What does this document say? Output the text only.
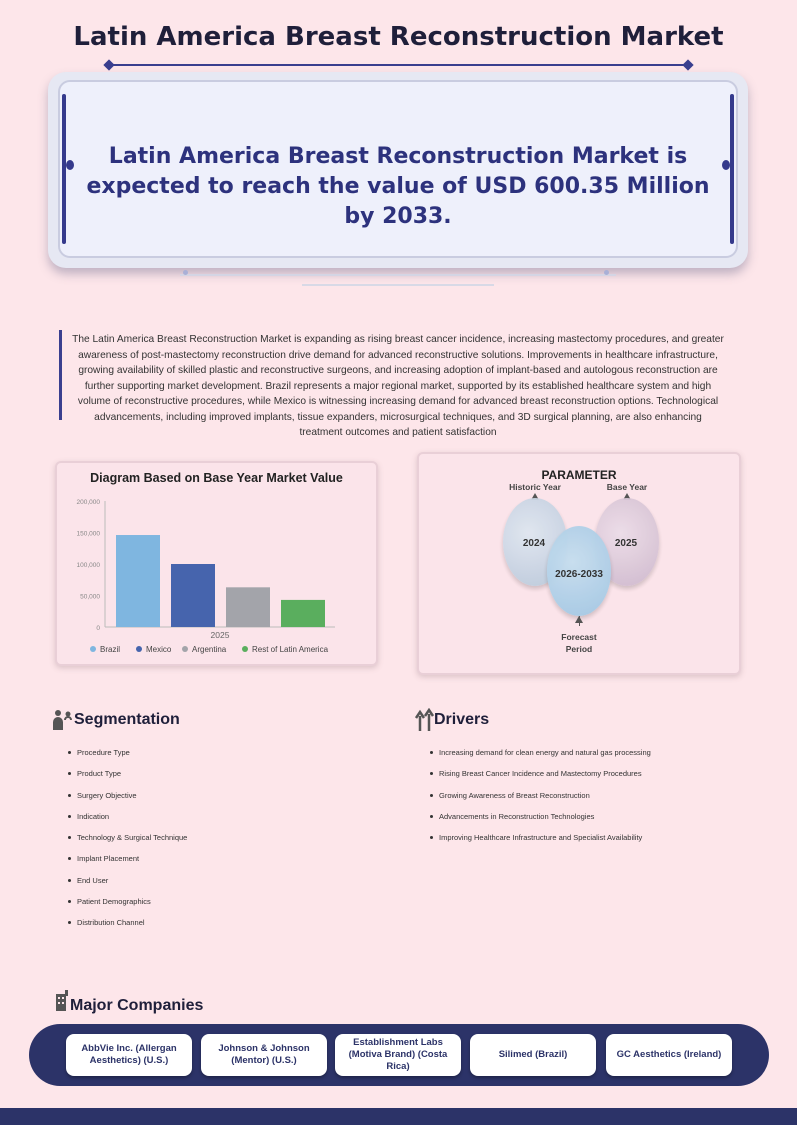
Latin America Breast Reconstruction Market
Latin America Breast Reconstruction Market is expected to reach the value of USD 600.35 Million by 2033.
The Latin America Breast Reconstruction Market is expanding as rising breast cancer incidence, increasing mastectomy procedures, and greater awareness of post-mastectomy reconstruction drive demand for advanced reconstructive solutions. Improvements in healthcare infrastructure, growing availability of skilled plastic and reconstructive surgeons, and increasing adoption of implant-based and autologous reconstruction are further supporting market development. Brazil represents a major regional market, supported by its established healthcare system and high volume of reconstructive procedures, while Mexico is witnessing increasing demand for advanced breast reconstruction options. Technological advancements, including improved implants, tissue expanders, microsurgical techniques, and 3D surgical planning, are also enhancing treatment outcomes and patient satisfaction
Diagram Based on Base Year Market Value
0
50,000
100,000
150,000
200,000
2025
Brazil	Mexico	Argentina	Rest of Latin America
PARAMETER
Historic Year	Base Year
2024	2025
2026-2033
Forecast
Period
Segmentation
Procedure Type
Product Type
Surgery Objective
Indication
Technology & Surgical Technique
Implant Placement
End User
Patient Demographics
Distribution Channel
Drivers
Increasing demand for clean energy and natural gas processing
Rising Breast Cancer Incidence and Mastectomy Procedures
Growing Awareness of Breast Reconstruction
Advancements in Reconstruction Technologies
Improving Healthcare Infrastructure and Specialist Availability
Major Companies
AbbVie Inc. (Allergan Aesthetics) (U.S.)
Johnson & Johnson (Mentor) (U.S.)
Establishment Labs (Motiva Brand) (Costa Rica)
Silimed (Brazil)	GC Aesthetics (Ireland)
